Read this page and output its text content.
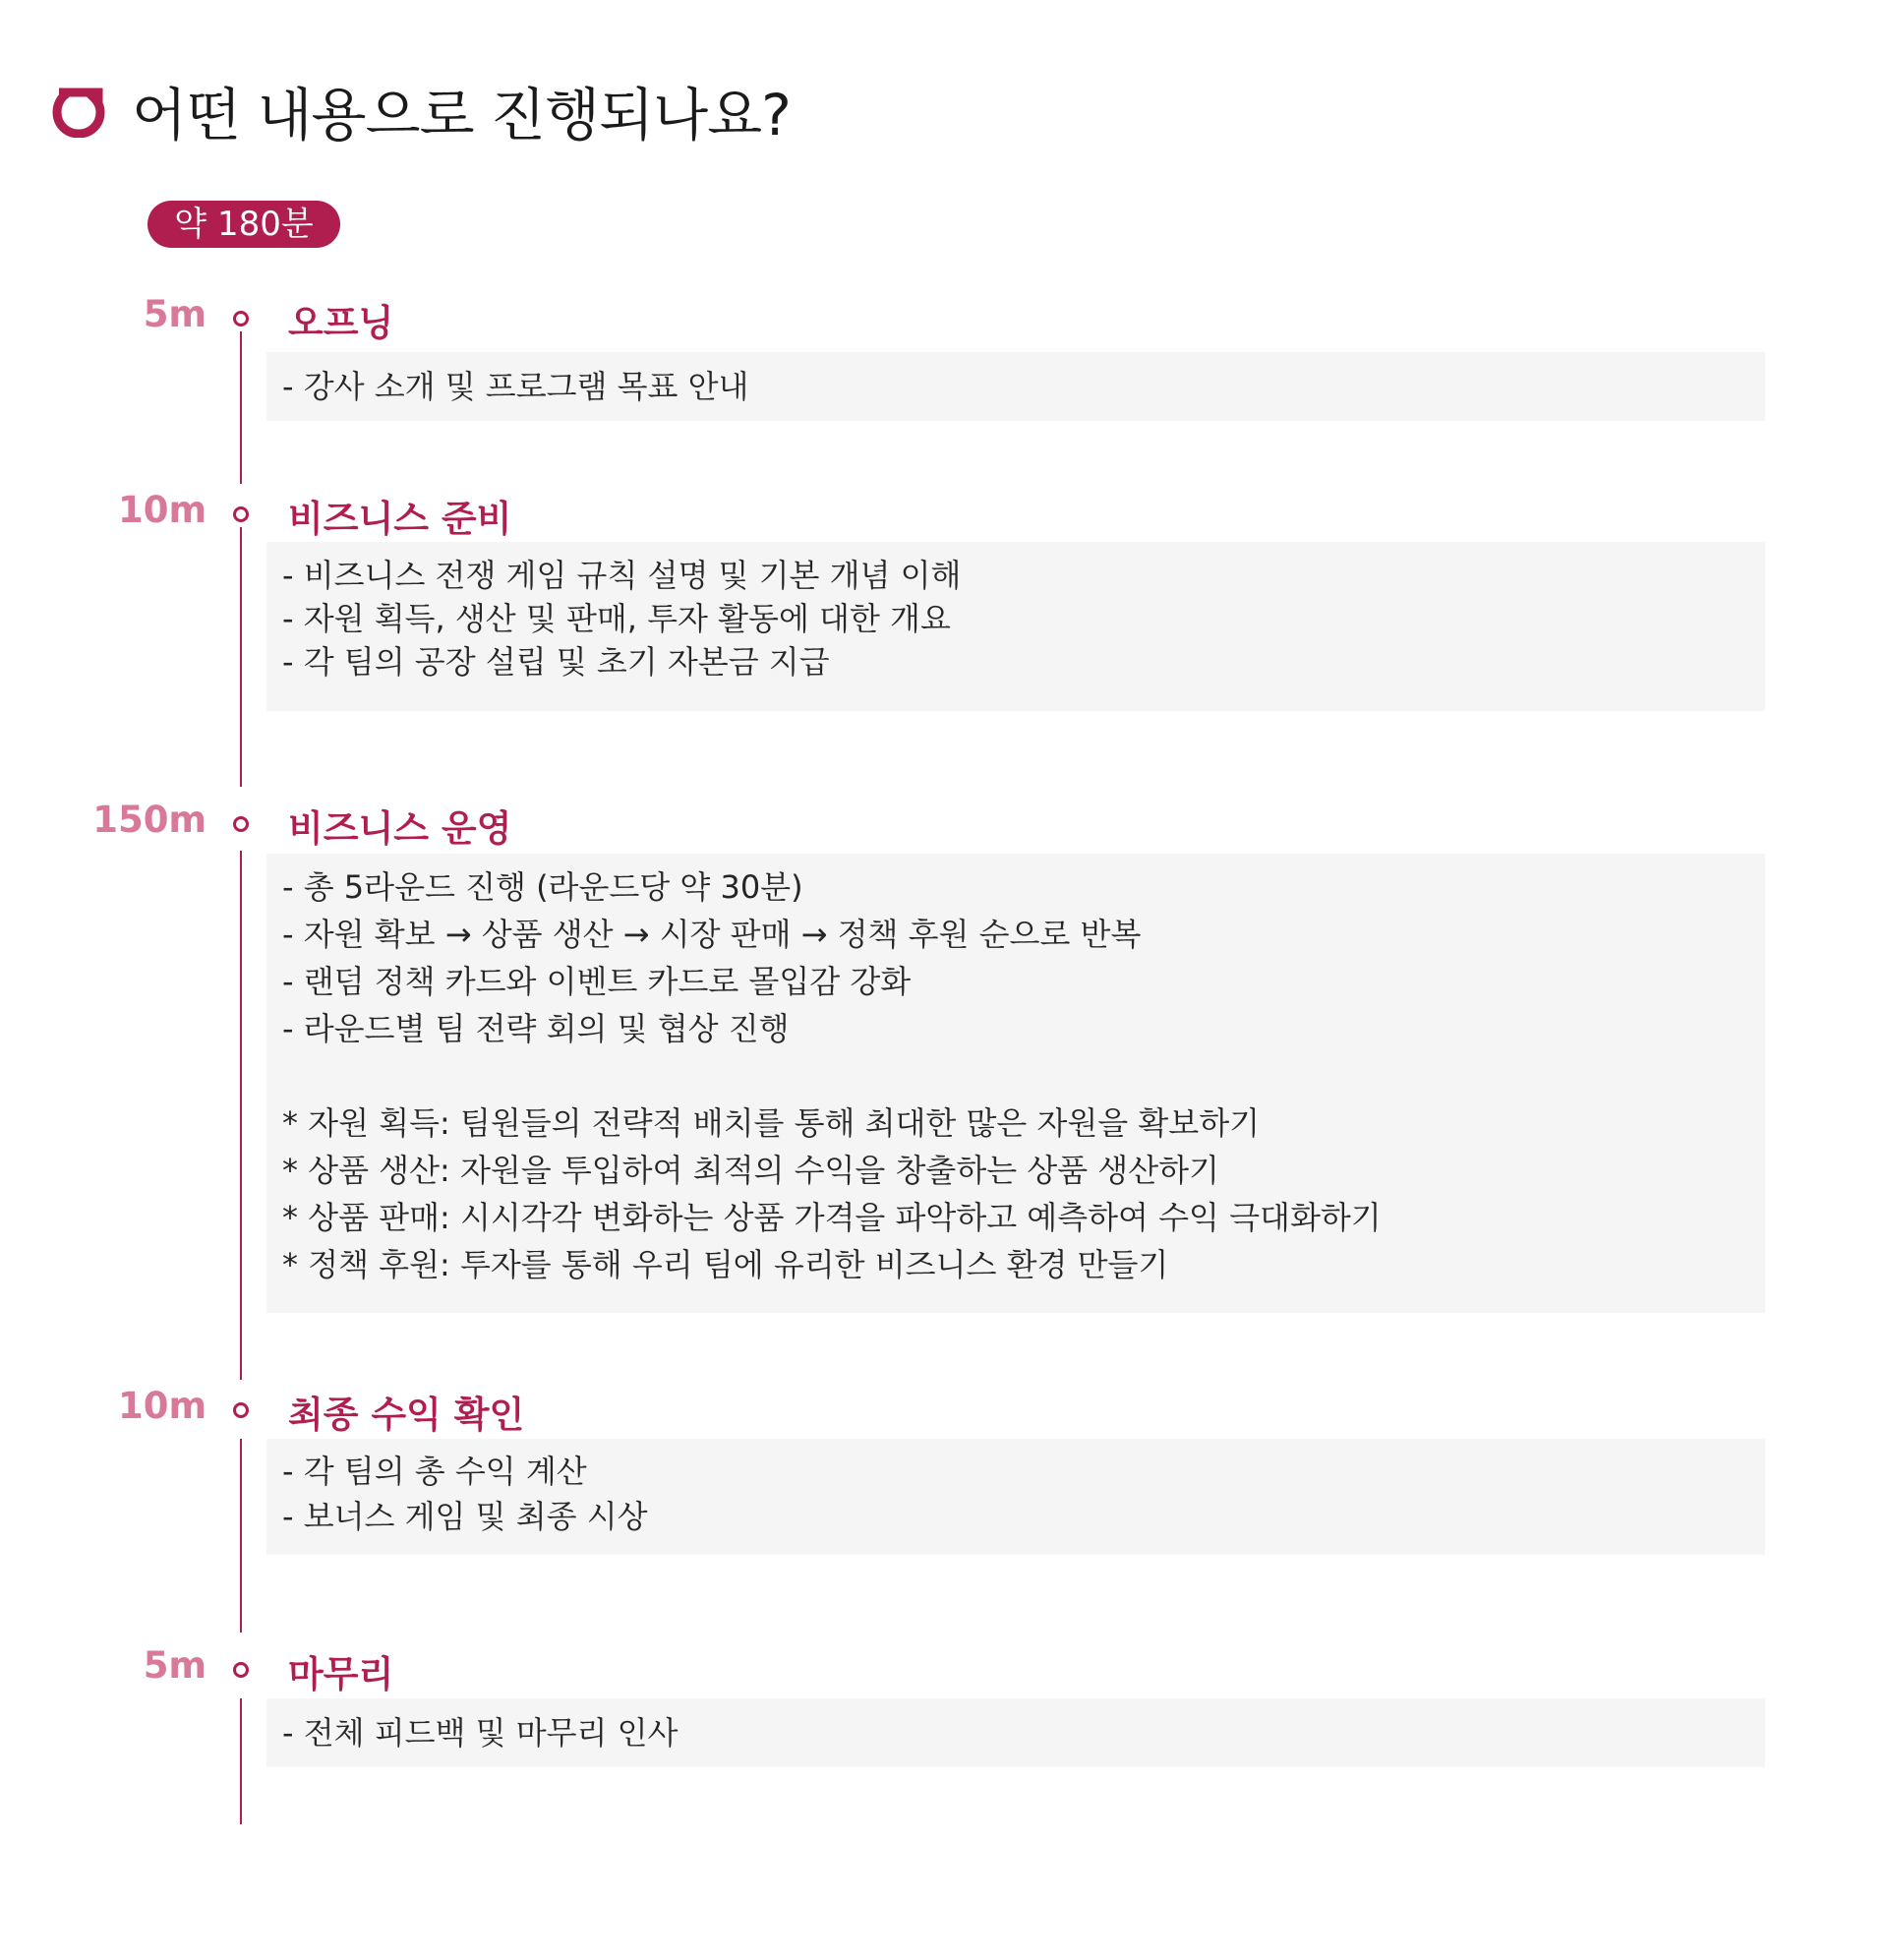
어떤 내용으로 진행되나요?
약 180분
5m 오프닝
- 강사 소개 및 프로그램 목표 안내
10m 비즈니스 준비
- 비즈니스 전쟁 게임 규칙 설명 및 기본 개념 이해
- 자원 획득, 생산 및 판매, 투자 활동에 대한 개요
- 각 팀의 공장 설립 및 초기 자본금 지급
150m 비즈니스 운영
- 총 5라운드 진행 (라운드당 약 30분)
- 자원 확보 → 상품 생산 → 시장 판매 → 정책 후원 순으로 반복
- 랜덤 정책 카드와 이벤트 카드로 몰입감 강화
- 라운드별 팀 전략 회의 및 협상 진행
* 자원 획득: 팀원들의 전략적 배치를 통해 최대한 많은 자원을 확보하기
* 상품 생산: 자원을 투입하여 최적의 수익을 창출하는 상품 생산하기
* 상품 판매: 시시각각 변화하는 상품 가격을 파악하고 예측하여 수익 극대화하기
* 정책 후원: 투자를 통해 우리 팀에 유리한 비즈니스 환경 만들기
10m 최종 수익 확인
- 각 팀의 총 수익 계산
- 보너스 게임 및 최종 시상
5m 마무리
- 전체 피드백 및 마무리 인사
